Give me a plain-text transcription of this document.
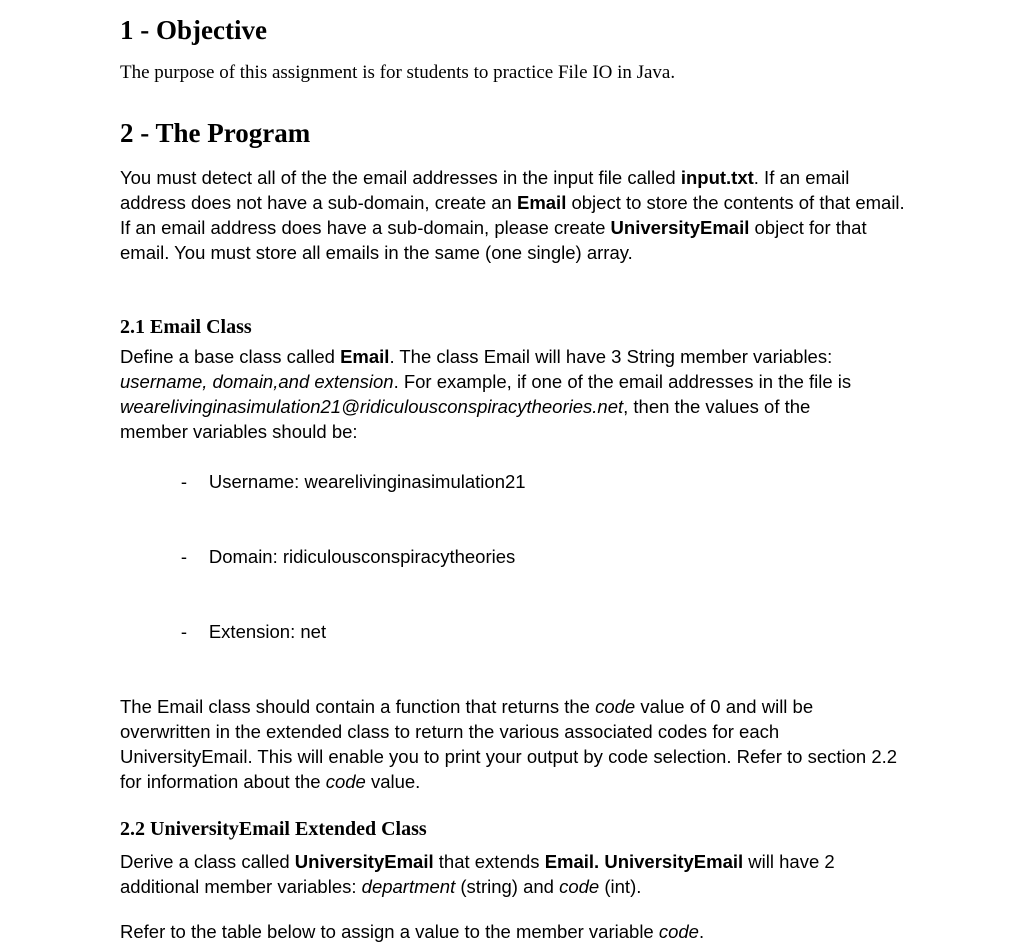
1 - Objective
The purpose of this assignment is for students to practice File IO in Java.
2 - The Program
You must detect all of the the email addresses in the input file called input.txt. If an email
address does not have a sub-domain, create an Email object to store the contents of that email.
If an email address does have a sub-domain, please create UniversityEmail object for that
email. You must store all emails in the same (one single) array.
2.1 Email Class
Define a base class called Email. The class Email will have 3 String member variables:
username, domain,and extension. For example, if one of the email addresses in the file is
wearelivinginasimulation21@ridiculousconspiracytheories.net, then the values of the
member variables should be:

- Username: wearelivinginasimulation21

- Domain: ridiculousconspiracytheories

- Extension: net

The Email class should contain a function that returns the code value of 0 and will be
overwritten in the extended class to return the various associated codes for each
UniversityEmail. This will enable you to print your output by code selection. Refer to section 2.2
for information about the code value.
2.2 UniversityEmail Extended Class
Derive a class called UniversityEmail that extends Email. UniversityEmail will have 2
additional member variables: department (string) and code (int).
Refer to the table below to assign a value to the member variable code.
